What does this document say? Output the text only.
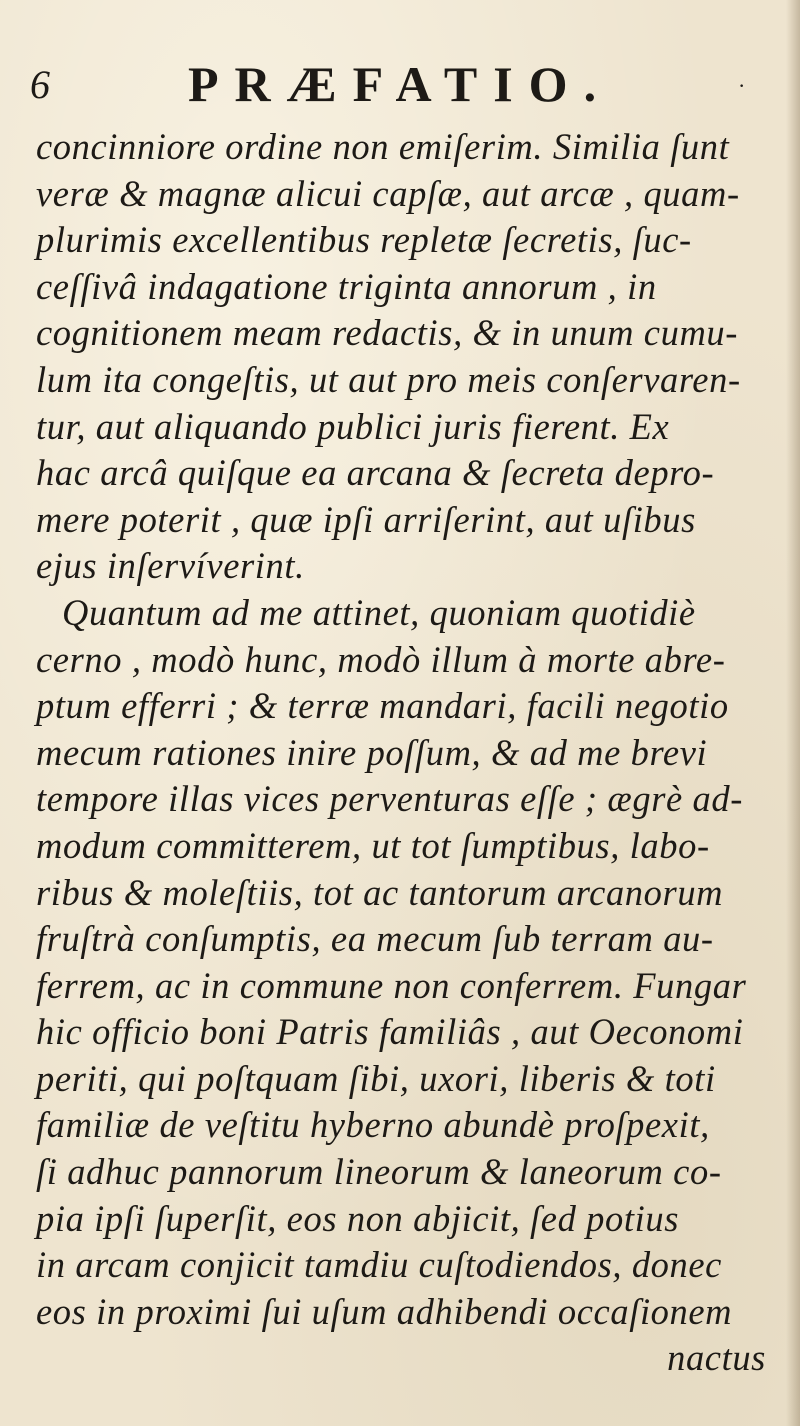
6	PRÆFATIO.	·
concinniore ordine non emiſerim. Similia ſunt
veræ & magnæ alicui capſæ, aut arcæ , quam-
plurimis excellentibus repletæ ſecretis, ſuc-
ceſſivâ indagatione triginta annorum , in
cognitionem meam redactis, & in unum cumu-
lum ita congeſtis, ut aut pro meis conſervaren-
tur, aut aliquando publici juris fierent. Ex
hac arcâ quiſque ea arcana & ſecreta depro-
mere poterit , quæ ipſi arriſerint, aut uſibus
ejus inſervíverint.
Quantum ad me attinet, quoniam quotidiè
cerno , modò hunc, modò illum à morte abre-
ptum efferri ; & terræ mandari, facili negotio
mecum rationes inire poſſum, & ad me brevi
tempore illas vices perventuras eſſe ; ægrè ad-
modum committerem, ut tot ſumptibus, labo-
ribus & moleſtiis, tot ac tantorum arcanorum
fruſtrà conſumptis, ea mecum ſub terram au-
ferrem, ac in commune non conferrem. Fungar
hic officio boni Patris familiâs , aut Oeconomi
periti, qui poſtquam ſibi, uxori, liberis & toti
familiæ de veſtitu hyberno abundè proſpexit,
ſi adhuc pannorum lineorum & laneorum co-
pia ipſi ſuperſit, eos non abjicit, ſed potius
in arcam conjicit tamdiu cuſtodiendos, donec
eos in proximi ſui uſum adhibendi occaſionem
nactus
